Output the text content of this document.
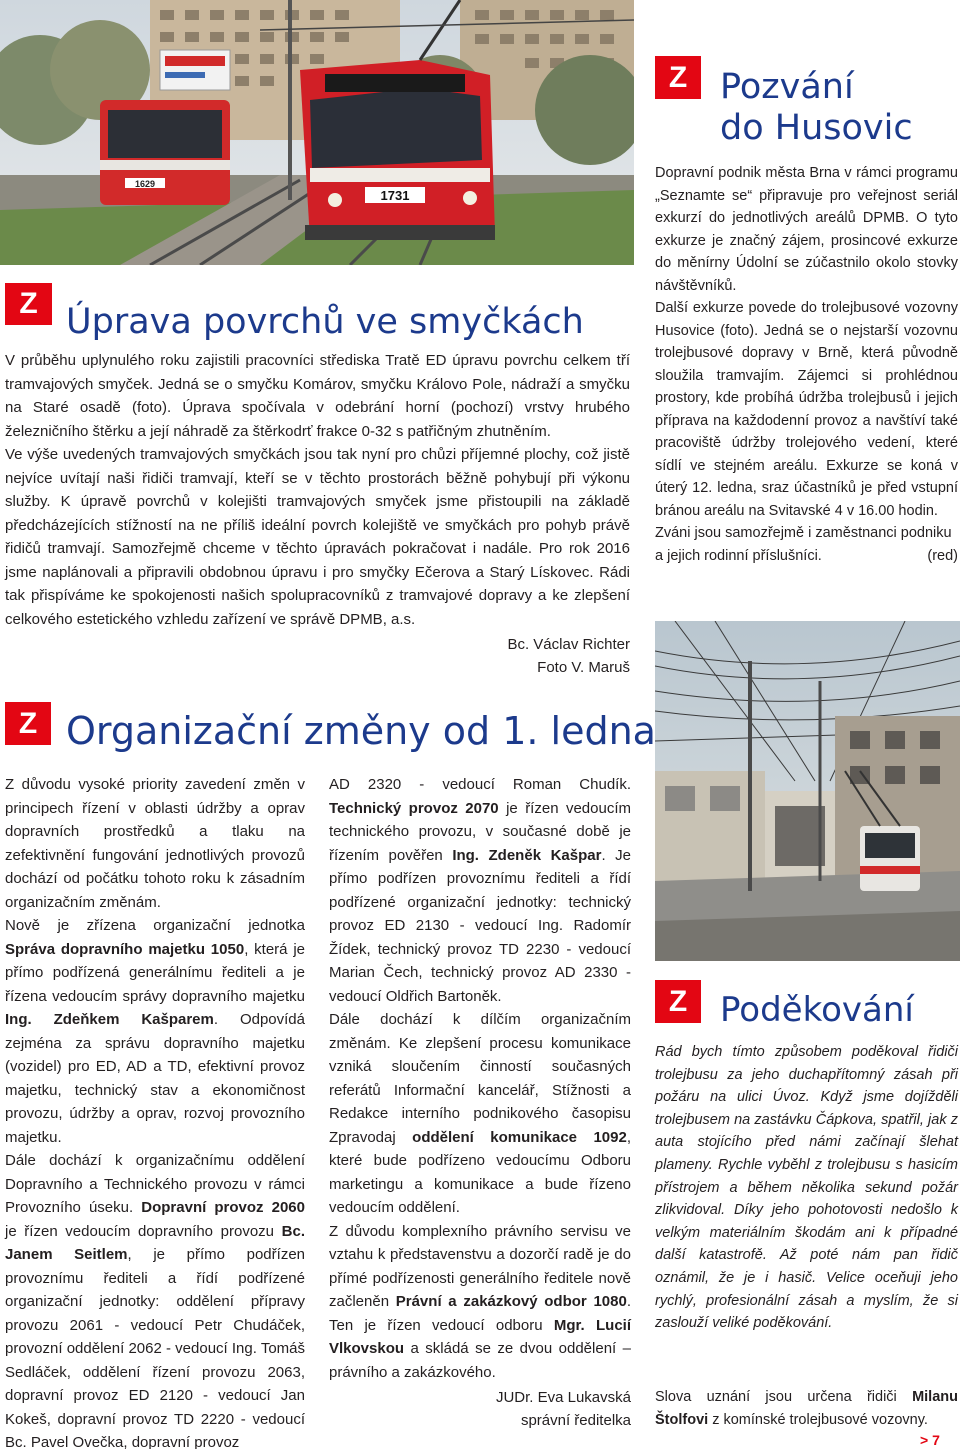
1629
1731
Z Úprava povrchů ve smyčkách

V průběhu uplynulého roku zajistili pracovníci střediska Tratě ED úpravu povrchu celkem tří tramvajových smyček. Jedná se o smyčku Komárov, smyčku Královo Pole, nádraží a smyčku na Staré osadě (foto). Úprava spočívala v odebrání horní (pochozí) vrstvy hrubého železničního štěrku a její náhradě za štěrkodrť frakce 0-32 s patřičným zhutněním.

Ve výše uvedených tramvajových smyčkách jsou tak nyní pro chůzi příjemné plochy, což jistě nejvíce uvítají naši řidiči tramvají, kteří se v těchto prostorách běžně pohybují při výkonu služby. K úpravě povrchů v kolejišti tramvajových smyček jsme přistoupili na základě předcházejících stížností na ne příliš ideální povrch kolejiště ve smyčkách pro pohyb právě řidičů tramvají. Samozřejmě chceme v těchto úpravách pokračovat i nadále. Pro rok 2016 jsme naplánovali a připravili obdobnou úpravu i pro smyčky Ečerova a Starý Lískovec. Rádi tak přispíváme ke spokojenosti našich spolupracovníků z tramvajové dopravy a ke zlepšení celkového estetického vzhledu zařízení ve správě DPMB, a.s.

Bc. Václav Richter
Foto V. Maruš
Z Pozvání
do Husovic

Dopravní podnik města Brna v rámci programu „Seznamte se“ připravuje pro veřejnost seriál exkurzí do jednotlivých areálů DPMB. O tyto exkurze je značný zájem, prosincové exkurze do měnírny Údolní se zúčastnilo okolo stovky návštěvníků.

Další exkurze povede do trolejbusové vozovny Husovice (foto). Jedná se o nejstarší vozovnu trolejbusové dopravy v Brně, která původně sloužila tramvajím. Zájemci si prohlédnou prostory, kde probíhá údržba trolejbusů i jejich příprava na každodenní provoz a navštíví také pracoviště údržby trolejového vedení, které sídlí ve stejném areálu. Exkurze se koná v úterý 12. ledna, sraz účastníků je před vstupní bránou areálu na Svitavské 4 v 16.00 hodin.

Zváni jsou samozřejmě i zaměstnanci podniku a jejich rodinní příslušníci.	(red)

Z Organizační změny od 1. ledna

Z důvodu vysoké priority zavedení změn v principech řízení v oblasti údržby a oprav dopravních prostředků a tlaku na zefektivnění fungování jednotlivých provozů dochází od počátku tohoto roku k zásadním organizačním změnám.

Nově je zřízena organizační jednotka Správa dopravního majetku 1050, která je přímo podřízená generálnímu řediteli a je řízena vedoucím správy dopravního majetku Ing. Zdeňkem Kašparem. Odpovídá zejména za správu dopravního majetku (vozidel) pro ED, AD a TD, efektivní provoz majetku, technický stav a ekonomičnost provozu, údržby a oprav, rozvoj provozního majetku.

Dále dochází k organizačnímu oddělení Dopravního a Technického provozu v rámci Provozního úseku. Dopravní provoz 2060 je řízen vedoucím dopravního provozu Bc. Janem Seitlem, je přímo podřízen provoznímu řediteli a řídí podřízené organizační jednotky: oddělení přípravy provozu 2061 - vedoucí Petr Chudáček, provozní oddělení 2062 - vedoucí Ing. Tomáš Sedláček, oddělení řízení provozu 2063, dopravní provoz ED 2120 - vedoucí Jan Kokeš, dopravní provoz TD 2220 - vedoucí Bc. Pavel Ovečka, dopravní provoz

AD 2320 - vedoucí Roman Chudík. Technický provoz 2070 je řízen vedoucím technického provozu, v současné době je řízením pověřen Ing. Zdeněk Kašpar. Je přímo podřízen provoznímu řediteli a řídí podřízené organizační jednotky: technický provoz ED 2130 - vedoucí Ing. Radomír Žídek, technický provoz TD 2230 - vedoucí Marian Čech, technický provoz AD 2330 - vedoucí Oldřich Bartoněk.

Dále dochází k dílčím organizačním změnám. Ke zlepšení procesu komunikace vzniká sloučením činností současných referátů Informační kancelář, Stížnosti a Redakce interního podnikového časopisu Zpravodaj oddělení komunikace 1092, které bude podřízeno vedoucímu Odboru marketingu a komunikace a bude řízeno vedoucím oddělení.

Z důvodu komplexního právního servisu ve vztahu k představenstvu a dozorčí radě je do přímé podřízenosti generálního ředitele nově začleněn Právní a zakázkový odbor 1080. Ten je řízen vedoucí odboru Mgr. Lucií Vlkovskou a skládá se ze dvou oddělení – právního a zakázkového.

JUDr. Eva Lukavská
správní ředitelka
Z Poděkování

Rád bych tímto způsobem poděkoval řidiči trolejbusu za jeho duchapřítomný zásah při požáru na ulici Úvoz. Když jsme dojížděli trolejbusem na zastávku Čápkova, spatřil, jak z auta stojícího před námi začínají šlehat plameny. Rychle vyběhl z trolejbusu s hasicím přístrojem a během několika sekund požár zlikvidoval. Díky jeho pohotovosti nedošlo k velkým materiálním škodám ani k případné další katastrofě. Až poté nám pan řidič oznámil, že je i hasič. Velice oceňuji jeho rychlý, profesionální zásah a myslím, že si zaslouží veliké poděkování.

Slova uznání jsou určena řidiči Milanu Štolfovi z komínské trolejbusové vozovny.
> 7
